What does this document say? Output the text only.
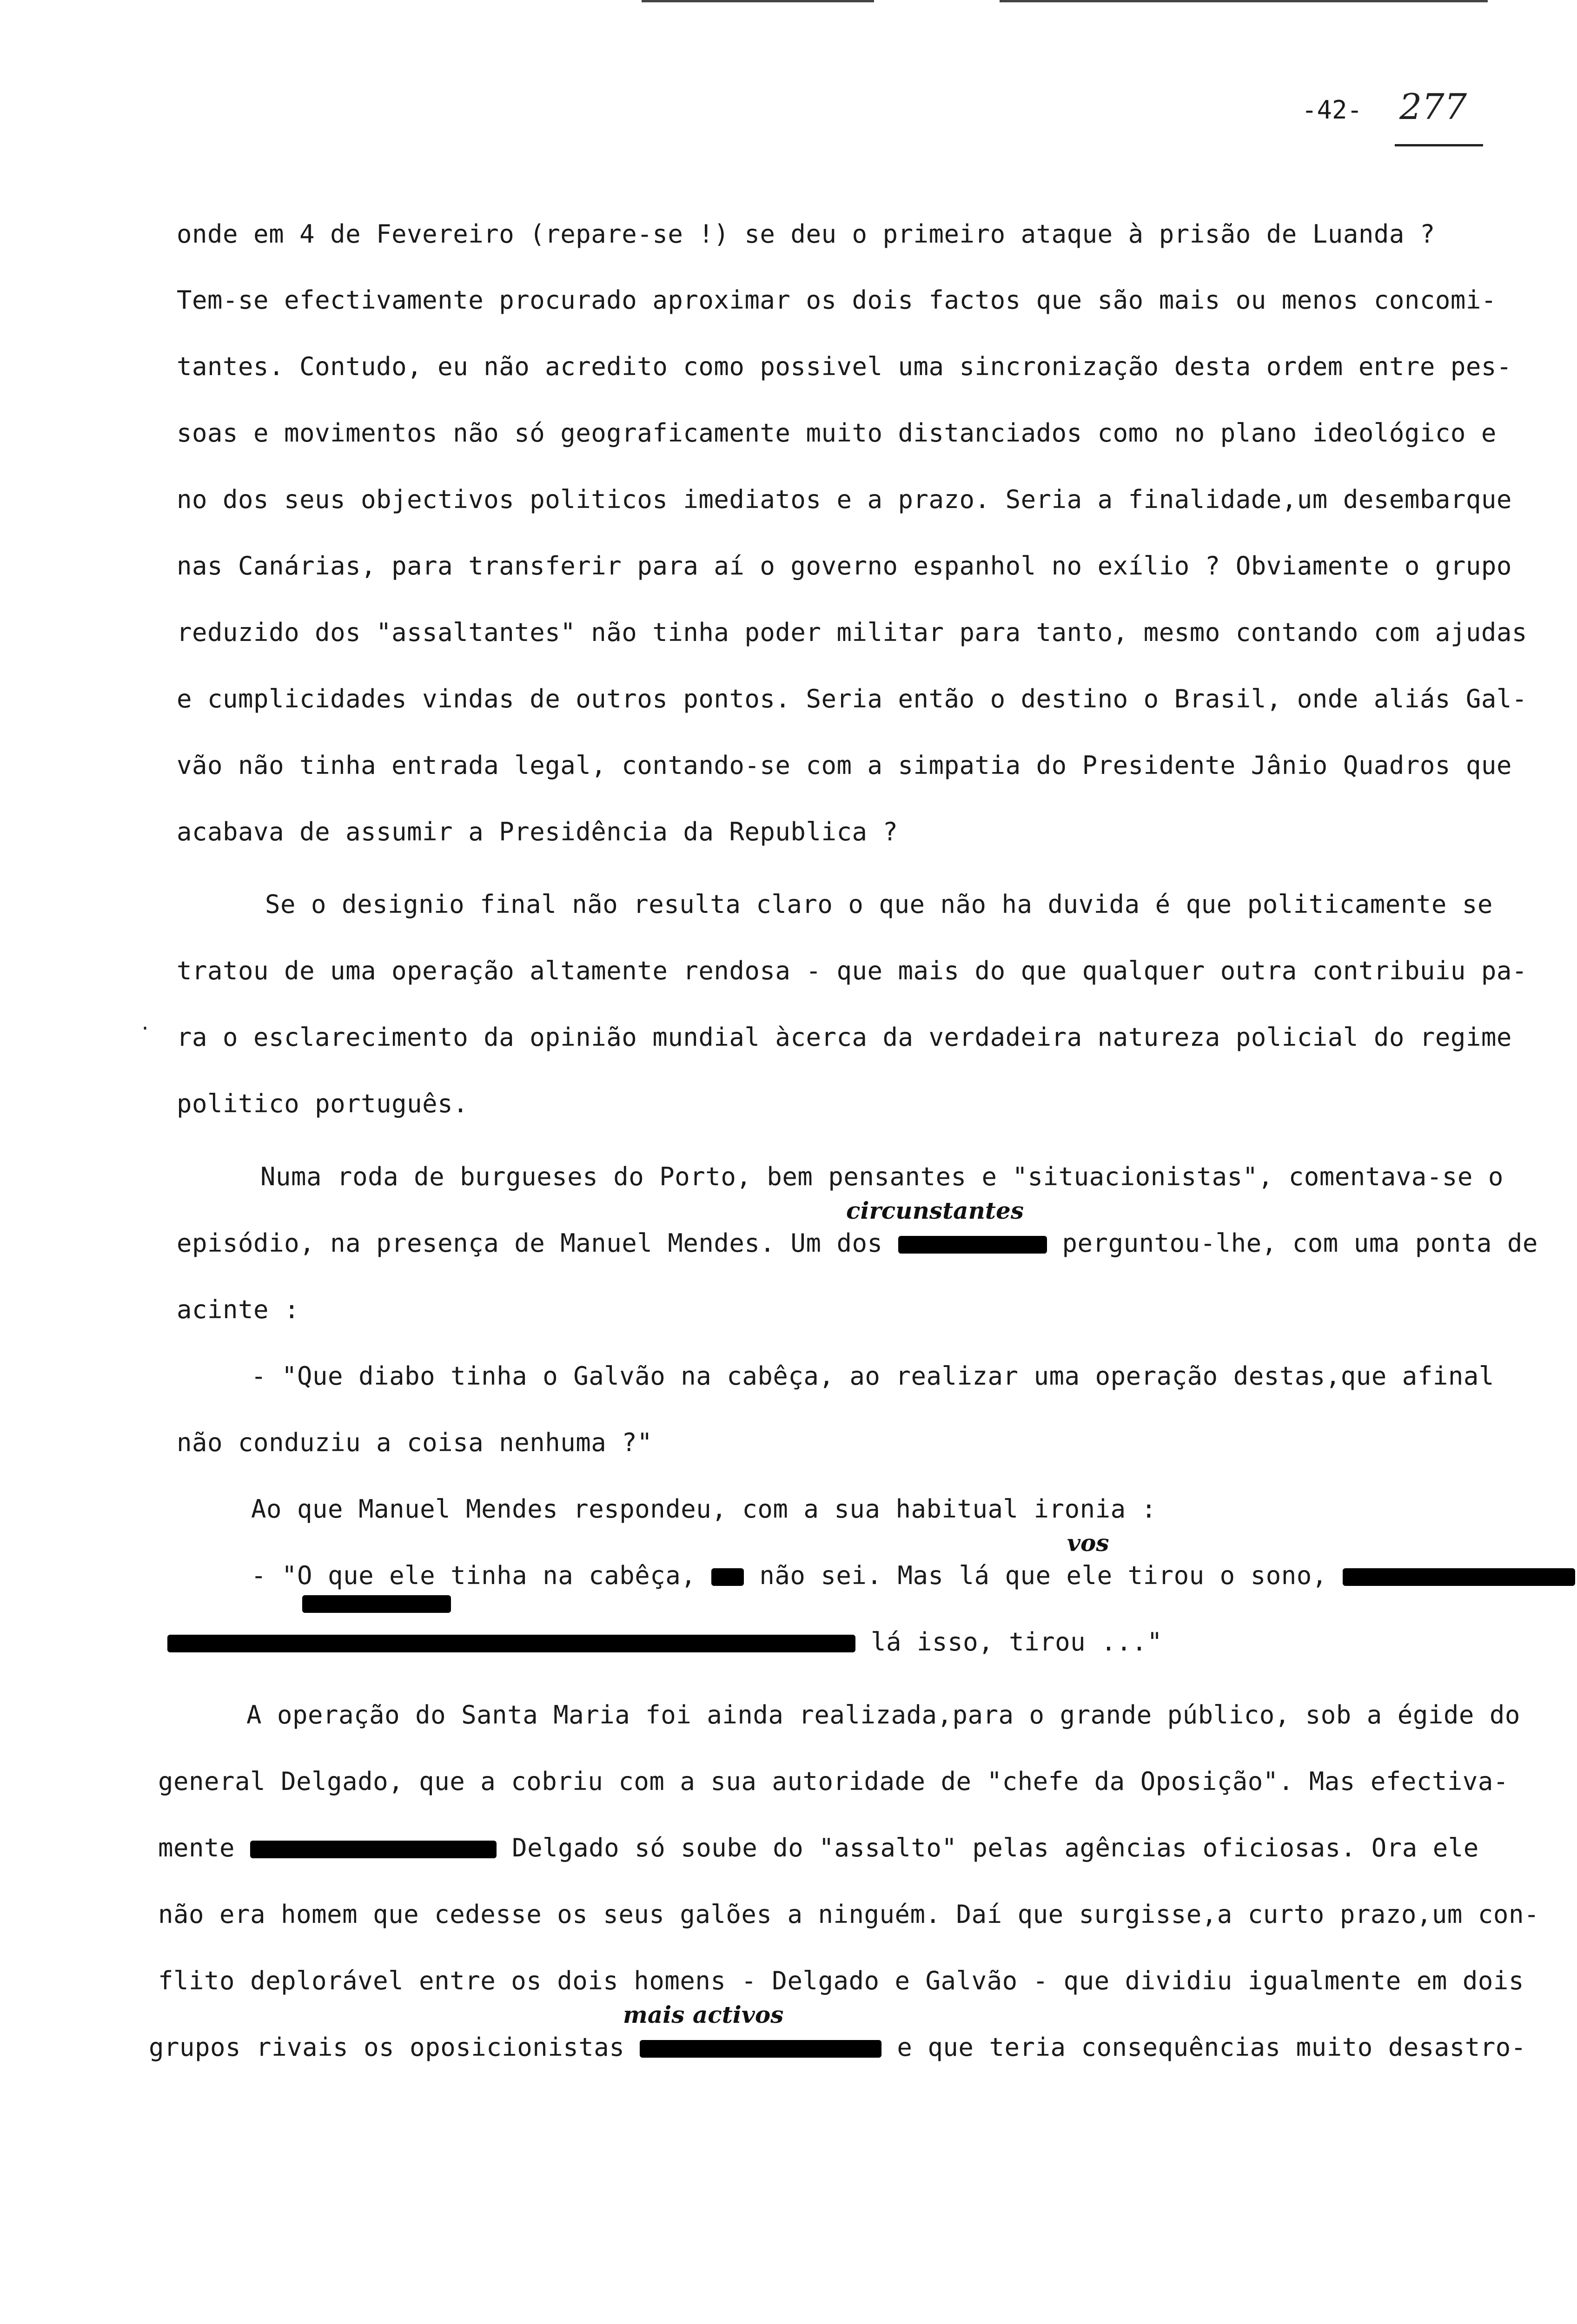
-42- 277
onde em 4 de Fevereiro (repare-se !) se deu o primeiro ataque à prisão de Luanda ?
Tem-se efectivamente procurado aproximar os dois factos que são mais ou menos concomi-
tantes. Contudo, eu não acredito como possivel uma sincronização desta ordem entre pes-
soas e movimentos não só geograficamente muito distanciados como no plano ideológico e
no dos seus objectivos politicos imediatos e a prazo. Seria a finalidade,um desembarque
nas Canárias, para transferir para aí o governo espanhol no exílio ? Obviamente o grupo
reduzido dos "assaltantes" não tinha poder militar para tanto, mesmo contando com ajudas
e cumplicidades vindas de outros pontos. Seria então o destino o Brasil, onde aliás Gal-
vão não tinha entrada legal, contando-se com a simpatia do Presidente Jânio Quadros que
acabava de assumir a Presidência da Republica ?
Se o designio final não resulta claro o que não ha duvida é que politicamente se
tratou de uma operação altamente rendosa - que mais do que qualquer outra contribuiu pa-
· ra o esclarecimento da opinião mundial àcerca da verdadeira natureza policial do regime
politico português.
Numa roda de burgueses do Porto, bem pensantes e "situacionistas", comentava-se o
circunstantes
episódio, na presença de Manuel Mendes. Um dos	perguntou-lhe, com uma ponta de
acinte :
- "Que diabo tinha o Galvão na cabêça, ao realizar uma operação destas,que afinal
não conduziu a coisa nenhuma ?"
Ao que Manuel Mendes respondeu, com a sua habitual ironia :
vos
- "O que ele tinha na cabêça,	não sei. Mas lá que ele tirou o sono,
lá isso, tirou ..."
A operação do Santa Maria foi ainda realizada,para o grande público, sob a égide do
general Delgado, que a cobriu com a sua autoridade de "chefe da Oposição". Mas efectiva-
mente	Delgado só soube do "assalto" pelas agências oficiosas. Ora ele
não era homem que cedesse os seus galões a ninguém. Daí que surgisse,a curto prazo,um con-
flito deplorável entre os dois homens - Delgado e Galvão - que dividiu igualmente em dois
mais activos
grupos rivais os oposicionistas	e que teria consequências muito desastro-
